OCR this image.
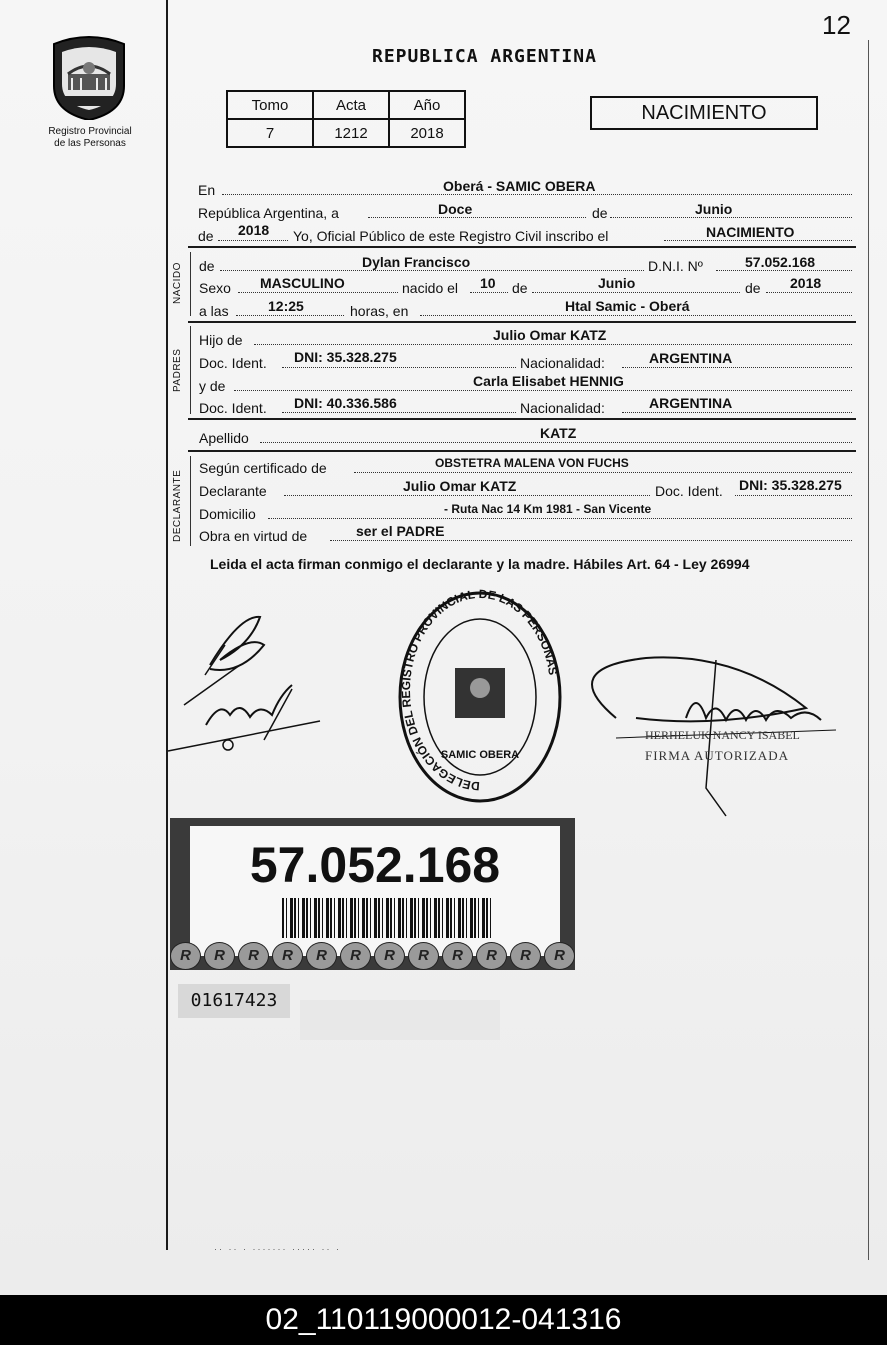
12
Registro Provincial
de las Personas
REPUBLICA ARGENTINA
Tomo	Acta	Año
7	1212	2018
NACIMIENTO
En	Oberá - SAMIC OBERA
República Argentina, a	Doce	de	Junio
de 2018 Yo, Oficial Público de este Registro Civil inscribo el	NACIMIENTO
NACIDO de	Dylan Francisco	D.N.I. Nº	57.052.168
Sexo MASCULINO	nacido el 10 de	Junio	de 2018
a las	12:25	horas, en	Htal Samic - Oberá
PADRES
Hijo de	Julio Omar KATZ
Doc. Ident. DNI: 35.328.275	Nacionalidad:	ARGENTINA
y de	Carla Elisabet HENNIG
Doc. Ident. DNI: 40.336.586	Nacionalidad:	ARGENTINA
Apellido	KATZ
DECLARANTE
Según certificado de	OBSTETRA MALENA VON FUCHS
Declarante	Julio Omar KATZ	Doc. Ident. DNI: 35.328.275
Domicilio	- Ruta Nac 14 Km 1981 - San Vicente
Obra en virtud de	ser el PADRE
Leida el acta firman conmigo el declarante y la madre. Hábiles Art. 64 - Ley 26994
DELEGACIÓN DEL REGISTRO PROVINCIAL DE LAS PERSONAS
SAMIC OBERA
HERHELUK NANCY ISABEL
FIRMA AUTORIZADA
57.052.168
R	R	R	R	R	R	R	R	R	R	R	R
01617423
·· ·· · ······· ····· ·· ·
02_110119000012-041316
